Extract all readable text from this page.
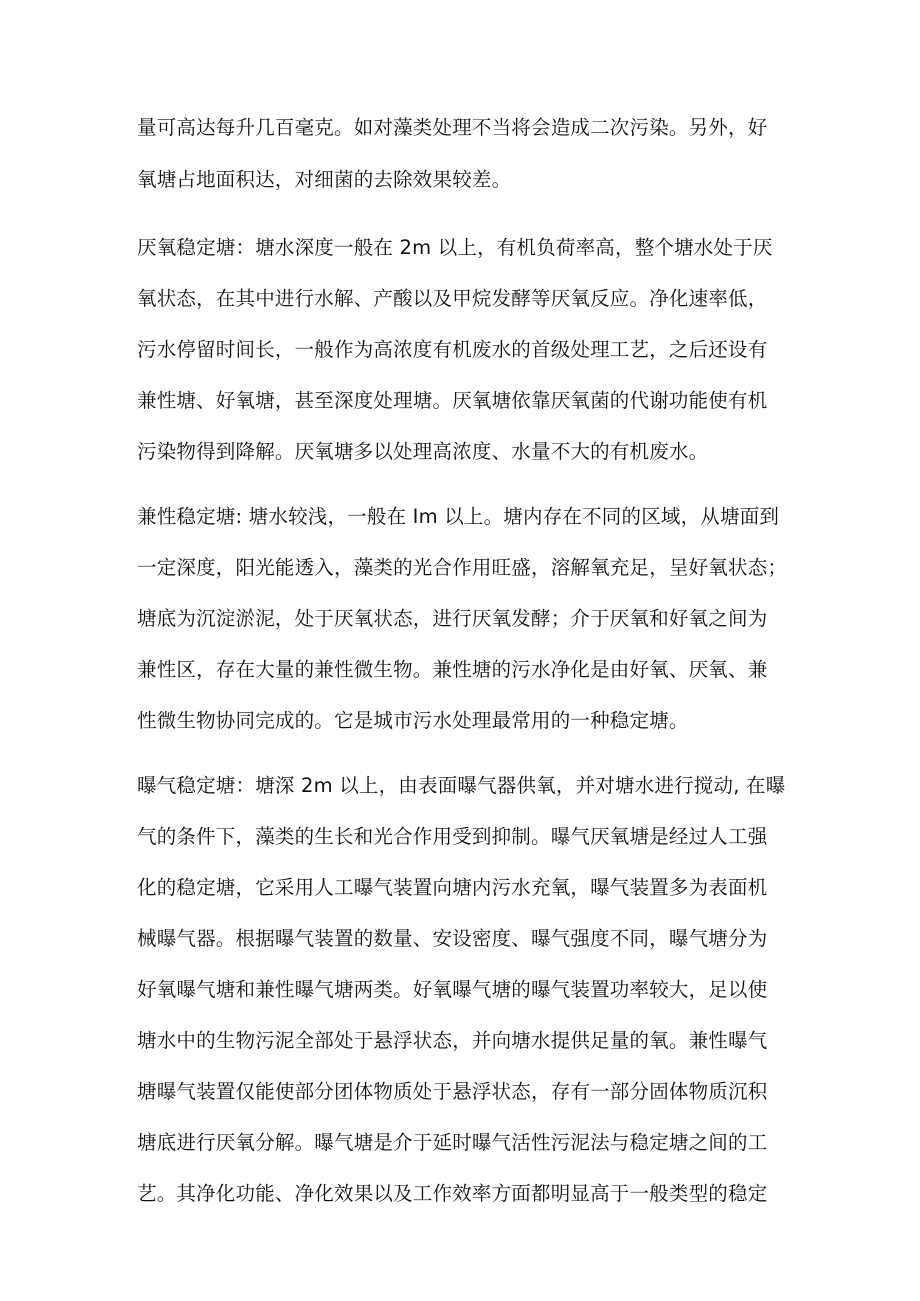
量可高达每升几百毫克。如对藻类处理不当将会造成二次污染。另外，好
氧塘占地面积达，对细菌的去除效果较差。
厌氧稳定塘：塘水深度一般在 2m 以上，有机负荷率高，整个塘水处于厌
氧状态，在其中进行水解、产酸以及甲烷发酵等厌氧反应。净化速率低，
污水停留时间长，一般作为高浓度有机废水的首级处理工艺，之后还设有
兼性塘、好氧塘，甚至深度处理塘。厌氧塘依靠厌氧菌的代谢功能使有机
污染物得到降解。厌氧塘多以处理高浓度、水量不大的有机废水。
兼性稳定塘: 塘水较浅，一般在 Im 以上。塘内存在不同的区域，从塘面到
一定深度，阳光能透入，藻类的光合作用旺盛，溶解氧充足，呈好氧状态；
塘底为沉淀淤泥，处于厌氧状态，进行厌氧发酵；介于厌氧和好氧之间为
兼性区，存在大量的兼性微生物。兼性塘的污水净化是由好氧、厌氧、兼
性微生物协同完成的。它是城市污水处理最常用的一种稳定塘。
曝气稳定塘：塘深 2m 以上，由表面曝气器供氧，并对塘水进行搅动, 在曝
气的条件下，藻类的生长和光合作用受到抑制。曝气厌氧塘是经过人工强
化的稳定塘，它采用人工曝气装置向塘内污水充氧，曝气装置多为表面机
械曝气器。根据曝气装置的数量、安设密度、曝气强度不同，曝气塘分为
好氧曝气塘和兼性曝气塘两类。好氧曝气塘的曝气装置功率较大，足以使
塘水中的生物污泥全部处于悬浮状态，并向塘水提供足量的氧。兼性曝气
塘曝气装置仅能使部分团体物质处于悬浮状态，存有一部分固体物质沉积
塘底进行厌氧分解。曝气塘是介于延时曝气活性污泥法与稳定塘之间的工
艺。其净化功能、净化效果以及工作效率方面都明显高于一般类型的稳定
